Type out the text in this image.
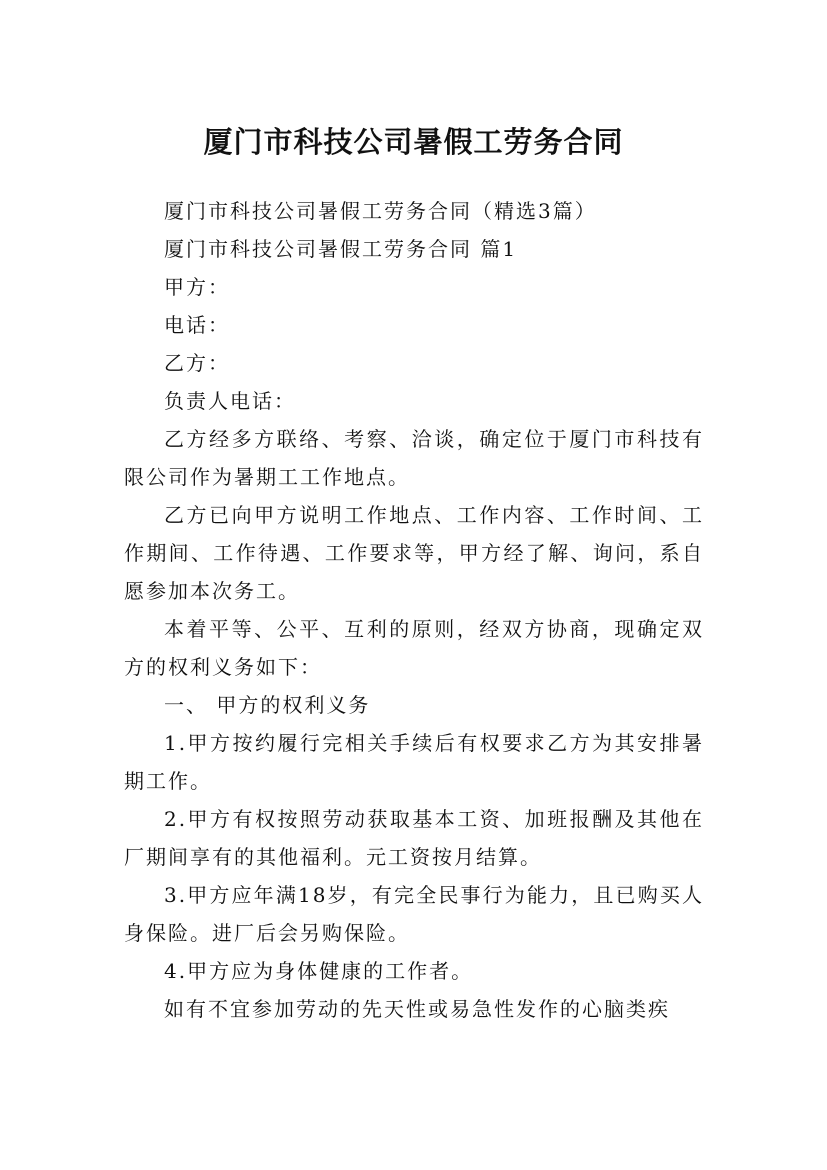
厦门市科技公司暑假工劳务合同

厦门市科技公司暑假工劳务合同（精选3篇）

厦门市科技公司暑假工劳务合同 篇1

甲方：

电话：

乙方：

负责人电话：

乙方经多方联络、考察、洽谈，确定位于厦门市科技有限公司作为暑期工工作地点。

乙方已向甲方说明工作地点、工作内容、工作时间、工作期间、工作待遇、工作要求等，甲方经了解、询问，系自愿参加本次务工。

本着平等、公平、互利的原则，经双方协商，现确定双方的权利义务如下：

一、 甲方的权利义务

1.甲方按约履行完相关手续后有权要求乙方为其安排暑期工作。

2.甲方有权按照劳动获取基本工资、加班报酬及其他在厂期间享有的其他福利。元工资按月结算。

3.甲方应年满18岁，有完全民事行为能力，且已购买人身保险。进厂后会另购保险。

4.甲方应为身体健康的工作者。

如有不宜参加劳动的先天性或易急性发作的心脑类疾
